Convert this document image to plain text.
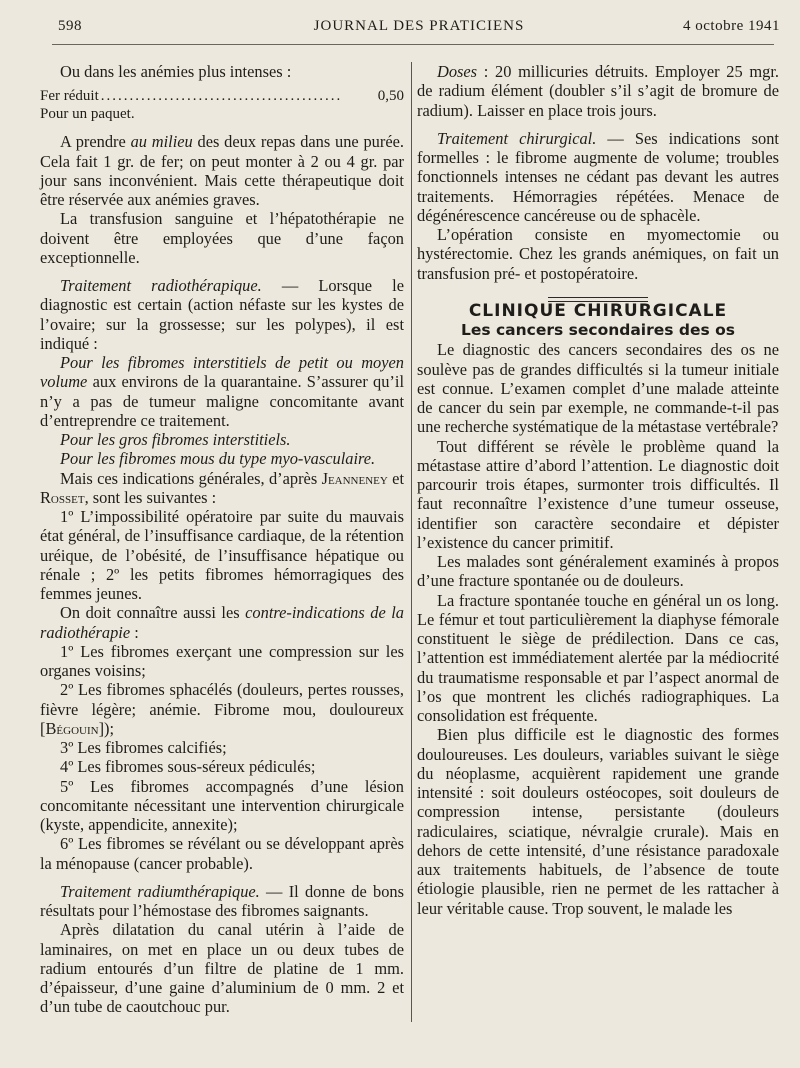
598	JOURNAL DES PRATICIENS	4 octobre 1941

Ou dans les anémies plus intenses :

Fer réduit ..........................................	0,50
Pour un paquet.

A prendre au milieu des deux repas dans une purée. Cela fait 1 gr. de fer; on peut monter à 2 ou 4 gr. par jour sans inconvénient. Mais cette thérapeutique doit être réservée aux anémies graves.

La transfusion sanguine et l’hépatothérapie ne doivent être employées que d’une façon exceptionnelle.

Traitement radiothérapique. — Lorsque le diagnostic est certain (action néfaste sur les kystes de l’ovaire; sur la grossesse; sur les polypes), il est indiqué :

Pour les fibromes interstitiels de petit ou moyen volume aux environs de la quarantaine. S’assurer qu’il n’y a pas de tumeur maligne concomitante avant d’entreprendre ce traitement.

Pour les gros fibromes interstitiels.

Pour les fibromes mous du type myo-vasculaire.

Mais ces indications générales, d’après Jeanneney et Rosset, sont les suivantes :

1º L’impossibilité opératoire par suite du mauvais état général, de l’insuffisance cardiaque, de la rétention uréique, de l’obésité, de l’insuffisance hépatique ou rénale ; 2º les petits fibromes hémorragiques des femmes jeunes.

On doit connaître aussi les contre-indications de la radiothérapie :

1º Les fibromes exerçant une compression sur les organes voisins;

2º Les fibromes sphacélés (douleurs, pertes rousses, fièvre légère; anémie. Fibrome mou, douloureux [Bégouin]);

3º Les fibromes calcifiés;

4º Les fibromes sous-séreux pédiculés;

5º Les fibromes accompagnés d’une lésion concomitante nécessitant une intervention chirurgicale (kyste, appendicite, annexite);

6º Les fibromes se révélant ou se développant après la ménopause (cancer probable).

Traitement radiumthérapique. — Il donne de bons résultats pour l’hémostase des fibromes saignants.

Après dilatation du canal utérin à l’aide de laminaires, on met en place un ou deux tubes de radium entourés d’un filtre de platine de 1 mm. d’épaisseur, d’une gaine d’aluminium de 0 mm. 2 et d’un tube de caoutchouc pur.

Doses : 20 millicuries détruits. Employer 25 mgr. de radium élément (doubler s’il s’agit de bromure de radium). Laisser en place trois jours.

Traitement chirurgical. — Ses indications sont formelles : le fibrome augmente de volume; troubles fonctionnels intenses ne cédant pas devant les autres traitements. Hémorragies répétées. Menace de dégénérescence cancéreuse ou de sphacèle.

L’opération consiste en myomectomie ou hystérectomie. Chez les grands anémiques, on fait un transfusion pré- et postopératoire.

CLINIQUE CHIRURGICALE

Les cancers secondaires des os

Le diagnostic des cancers secondaires des os ne soulève pas de grandes difficultés si la tumeur initiale est connue. L’examen complet d’une malade atteinte de cancer du sein par exemple, ne commande-t-il pas une recherche systématique de la métastase vertébrale?

Tout différent se révèle le problème quand la métastase attire d’abord l’attention. Le diagnostic doit parcourir trois étapes, surmonter trois difficultés. Il faut reconnaître l’existence d’une tumeur osseuse, identifier son caractère secondaire et dépister l’existence du cancer primitif.

Les malades sont généralement examinés à propos d’une fracture spontanée ou de douleurs.

La fracture spontanée touche en général un os long. Le fémur et tout particulièrement la diaphyse fémorale constituent le siège de prédilection. Dans ce cas, l’attention est immédiatement alertée par la médiocrité du traumatisme responsable et par l’aspect anormal de l’os que montrent les clichés radiographiques. La consolidation est fréquente.

Bien plus difficile est le diagnostic des formes douloureuses. Les douleurs, variables suivant le siège du néoplasme, acquièrent rapidement une grande intensité : soit douleurs ostéocopes, soit douleurs de compression intense, persistante (douleurs radiculaires, sciatique, névralgie crurale). Mais en dehors de cette intensité, d’une résistance paradoxale aux traitements habituels, de l’absence de toute étiologie plausible, rien ne permet de les rattacher à leur véritable cause. Trop souvent, le malade les
